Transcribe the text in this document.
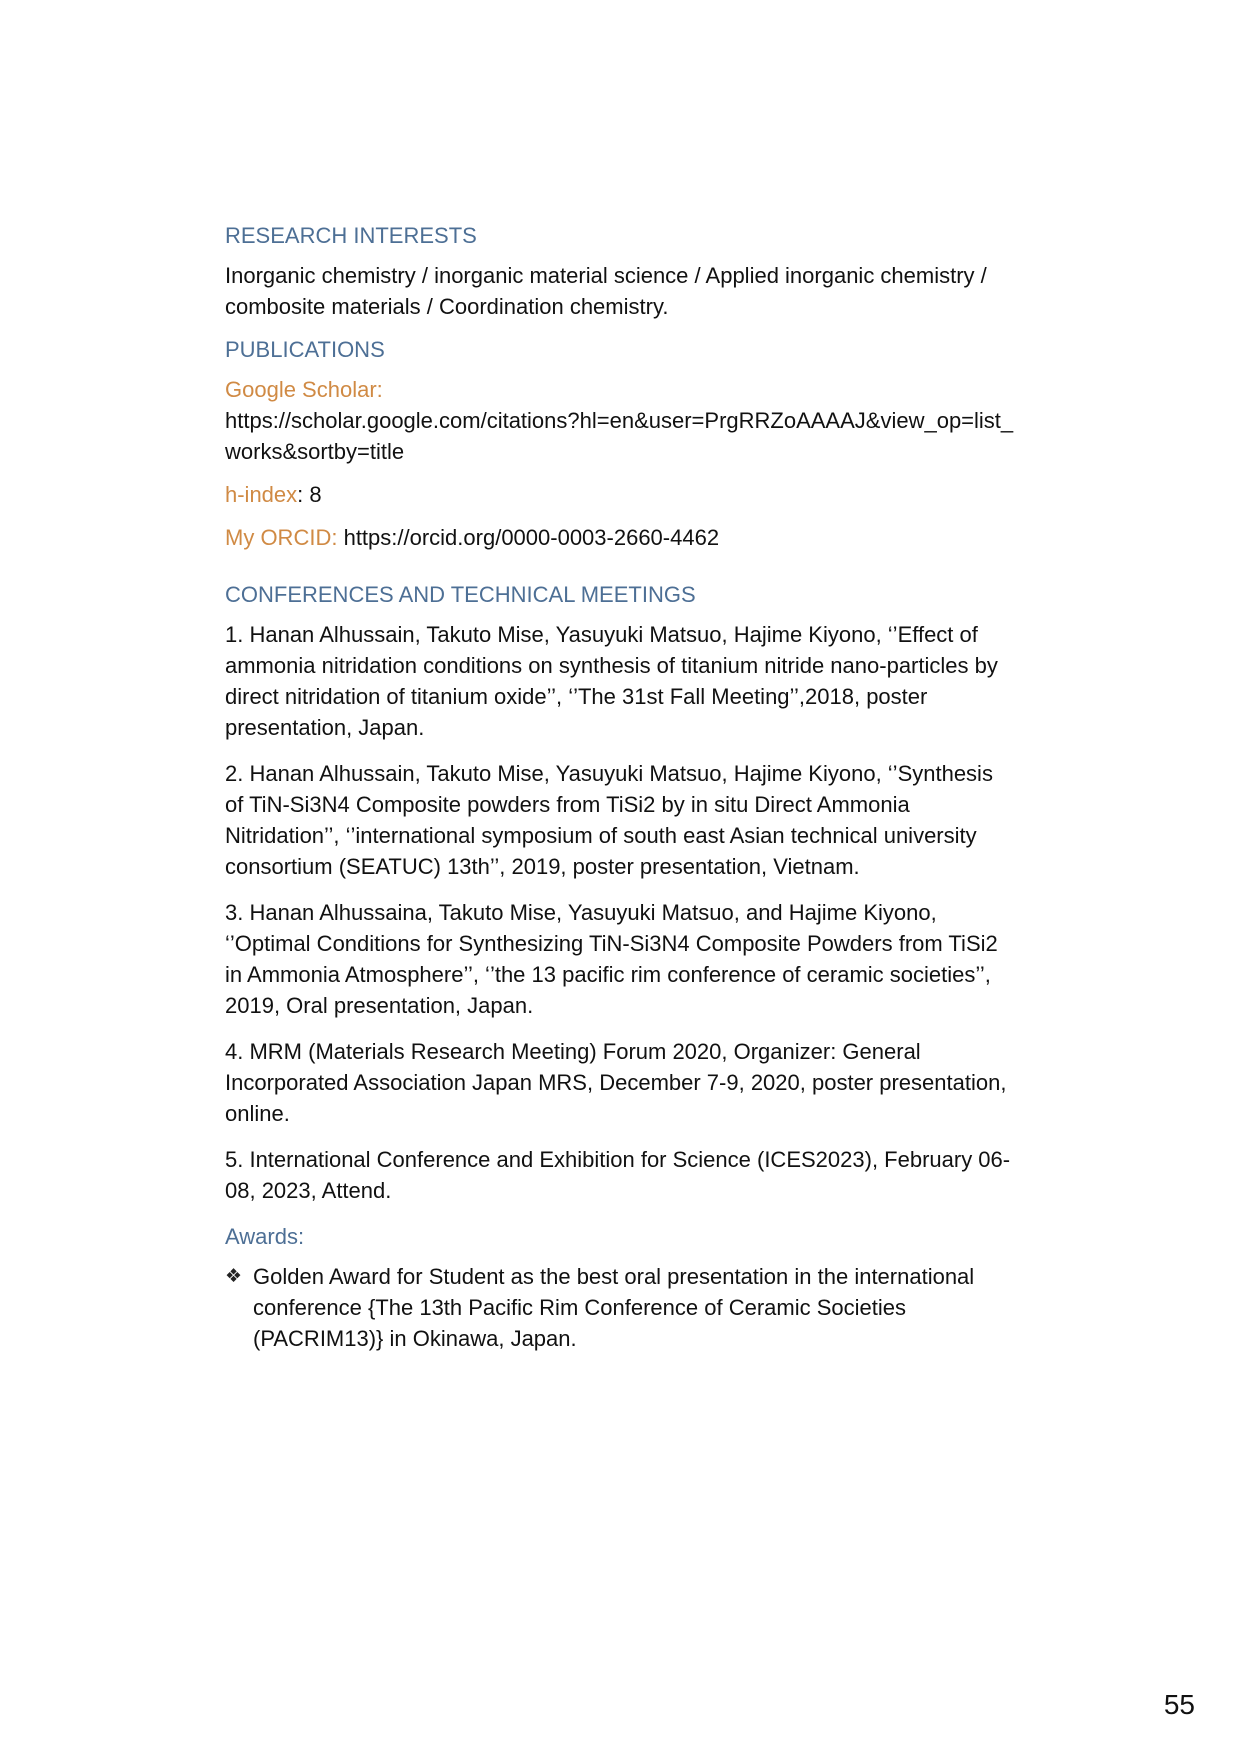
RESEARCH INTERESTS

Inorganic chemistry / inorganic material science / Applied inorganic chemistry / combosite materials / Coordination chemistry.

PUBLICATIONS
Google Scholar:

https://scholar.google.com/citations?hl=en&user=PrgRRZoAAAAJ&view_op=list_works&sortby=title

h-index: 8

My ORCID: https://orcid.org/0000-0003-2660-4462

CONFERENCES AND TECHNICAL MEETINGS

1. Hanan Alhussain, Takuto Mise, Yasuyuki Matsuo, Hajime Kiyono, ‘’Effect of ammonia nitridation conditions on synthesis of titanium nitride nano-particles by direct nitridation of titanium oxide’’, ‘’The 31st Fall Meeting’’,2018, poster presentation, Japan.

2. Hanan Alhussain, Takuto Mise, Yasuyuki Matsuo, Hajime Kiyono, ‘’Synthesis of TiN-Si3N4 Composite powders from TiSi2 by in situ Direct Ammonia Nitridation’’, ‘’international symposium of south east Asian technical university consortium (SEATUC) 13th’’, 2019, poster presentation, Vietnam.

3. Hanan Alhussaina, Takuto Mise, Yasuyuki Matsuo, and Hajime Kiyono, ‘’Optimal Conditions for Synthesizing TiN-Si3N4 Composite Powders from TiSi2 in Ammonia Atmosphere’’, ‘’the 13 pacific rim conference of ceramic societies’’, 2019, Oral presentation, Japan.

4. MRM (Materials Research Meeting) Forum 2020, Organizer: General Incorporated Association Japan MRS, December 7-9, 2020, poster presentation, online.

5. International Conference and Exhibition for Science (ICES2023), February 06-08, 2023, Attend.

Awards:
❖ Golden Award for Student as the best oral presentation in the international conference {The 13th Pacific Rim Conference of Ceramic Societies (PACRIM13)} in Okinawa, Japan.
55
